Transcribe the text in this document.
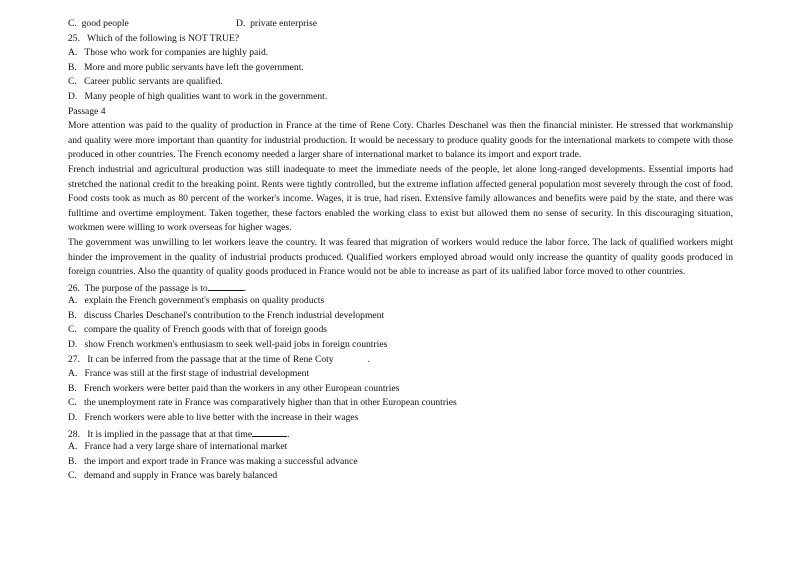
C.  good people	D.  private enterprise
25.   Which of the following is NOT TRUE?
A.   Those who work for companies are highly paid.
B.   More and more public servants have left the government.
C.   Career public servants are qualified.
D.   Many people of high qualities want to work in the government.
Passage 4
More attention was paid to the quality of production in France at the time of Rene Coty. Charles Deschanel was then the financial minister. He stressed that workmanship and quality were more important than quantity for industrial production. It would be necessary to produce quality goods for the international markets to compete with those produced in other countries. The French economy needed a larger share of international market to balance its import and export trade.
French industrial and agricultural production was still inadequate to meet the immediate needs of the people, let alone long-ranged developments. Essential imports had stretched the national credit to the breaking point. Rents were tightly controlled, but the extreme inflation affected general population most severely through the cost of food. Food costs took as much as 80 percent of the worker's income. Wages, it is true, had risen. Extensive family allowances and benefits were paid by the state, and there was fulltime and overtime employment. Taken together, these factors enabled the working class to exist but allowed them no sense of security. In this discouraging situation, workmen were willing to work overseas for higher wages.
The government was unwilling to let workers leave the country. It was feared that migration of workers would reduce the labor force. The lack of qualified workers might hinder the improvement in the quality of industrial products produced. Qualified workers employed abroad would only increase the quantity of quality goods produced in foreign countries. Also the quantity of quality goods produced in France would not be able to increase as part of its ualified labor force moved to other countries.
26.  The purpose of the passage is to	.
A.   explain the French government's emphasis on quality products
B.   discuss Charles Deschanel's contribution to the French industrial development
C.   compare the quality of French goods with that of foreign goods
D.   show French workmen's enthusiasm to seek well-paid jobs in foreign countries
27.   It can be inferred from the passage that at the time of Rene Coty	.
A.   France was still at the first stage of industrial development
B.   French workers were better paid than the workers in any other European countries
C.   the unemployment rate in France was comparatively higher than that in other European countries
D.   French workers were able to live better with the increase in their wages
28.   It is implied in the passage that at that time	.
A.   France had a very large share of international market
B.   the import and export trade in France was making a successful advance
C.   demand and supply in France was barely balanced
